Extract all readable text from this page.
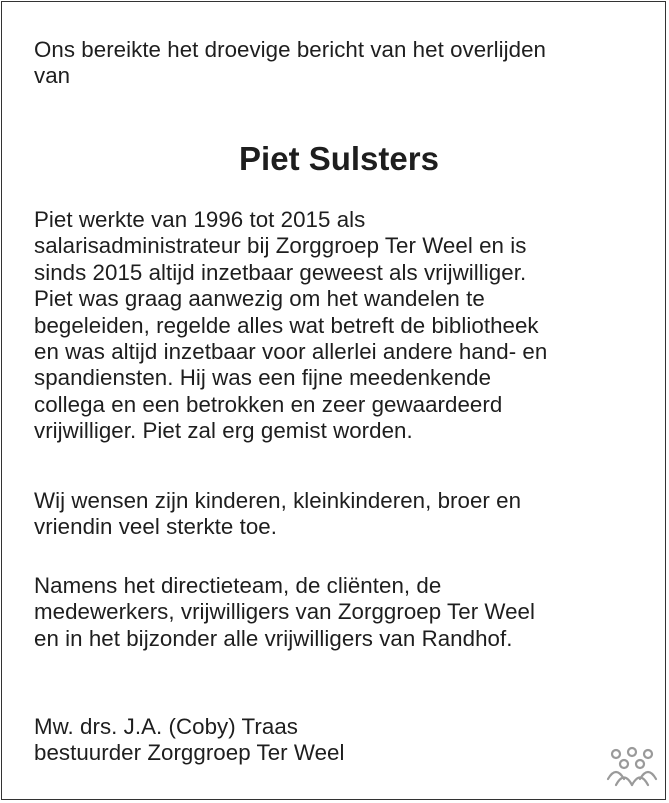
Ons bereikte het droevige bericht van het overlijden
van

Piet Sulsters

Piet werkte van 1996 tot 2015 als
salarisadministrateur bij Zorggroep Ter Weel en is
sinds 2015 altijd inzetbaar geweest als vrijwilliger.
Piet was graag aanwezig om het wandelen te
begeleiden, regelde alles wat betreft de bibliotheek
en was altijd inzetbaar voor allerlei andere hand- en
spandiensten. Hij was een fijne meedenkende
collega en een betrokken en zeer gewaardeerd
vrijwilliger. Piet zal erg gemist worden.

Wij wensen zijn kinderen, kleinkinderen, broer en
vriendin veel sterkte toe.

Namens het directieteam, de cliënten, de
medewerkers, vrijwilligers van Zorggroep Ter Weel
en in het bijzonder alle vrijwilligers van Randhof.

Mw. drs. J.A. (Coby) Traas
bestuurder Zorggroep Ter Weel
